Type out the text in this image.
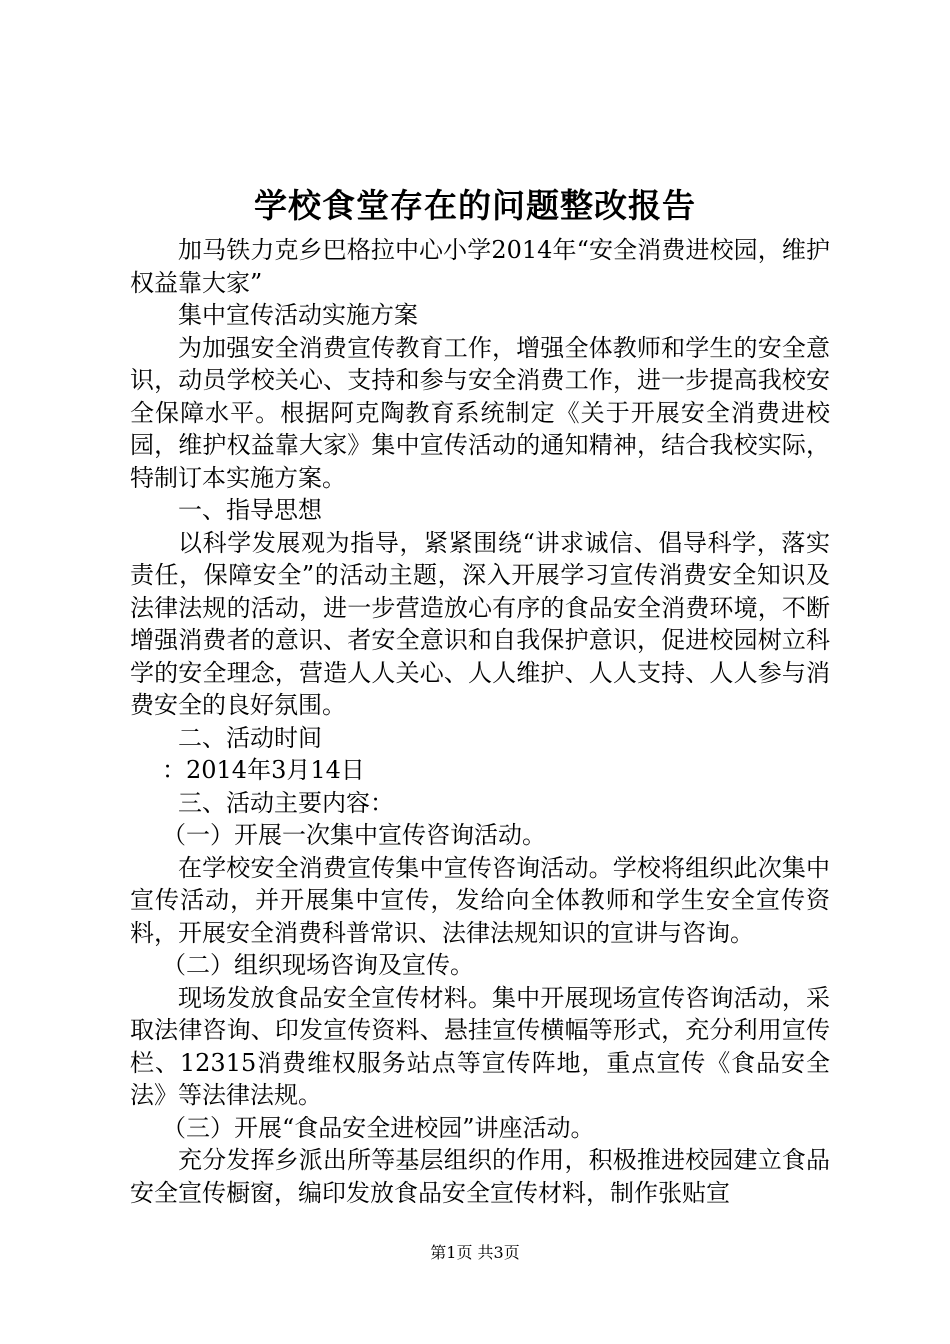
学校食堂存在的问题整改报告

加马铁力克乡巴格拉中心小学2014年“安全消费进校园，维护权益靠大家”

集中宣传活动实施方案

为加强安全消费宣传教育工作，增强全体教师和学生的安全意识，动员学校关心、支持和参与安全消费工作，进一步提高我校安全保障水平。根据阿克陶教育系统制定《关于开展安全消费进校园，维护权益靠大家》集中宣传活动的通知精神，结合我校实际，特制订本实施方案。

一、指导思想

以科学发展观为指导，紧紧围绕“讲求诚信、倡导科学，落实责任，保障安全”的活动主题，深入开展学习宣传消费安全知识及法律法规的活动，进一步营造放心有序的食品安全消费环境，不断增强消费者的意识、者安全意识和自我保护意识，促进校园树立科学的安全理念，营造人人关心、人人维护、人人支持、人人参与消费安全的良好氛围。

二、活动时间

：2014年3月14日

三、活动主要内容：

（一）开展一次集中宣传咨询活动。

在学校安全消费宣传集中宣传咨询活动。学校将组织此次集中宣传活动，并开展集中宣传，发给向全体教师和学生安全宣传资料，开展安全消费科普常识、法律法规知识的宣讲与咨询。

（二）组织现场咨询及宣传。

现场发放食品安全宣传材料。集中开展现场宣传咨询活动，采取法律咨询、印发宣传资料、悬挂宣传横幅等形式，充分利用宣传栏、12315消费维权服务站点等宣传阵地，重点宣传《食品安全法》等法律法规。

（三）开展“食品安全进校园”讲座活动。

充分发挥乡派出所等基层组织的作用，积极推进校园建立食品安全宣传橱窗，编印发放食品安全宣传材料，制作张贴宣

第1页 共3页
